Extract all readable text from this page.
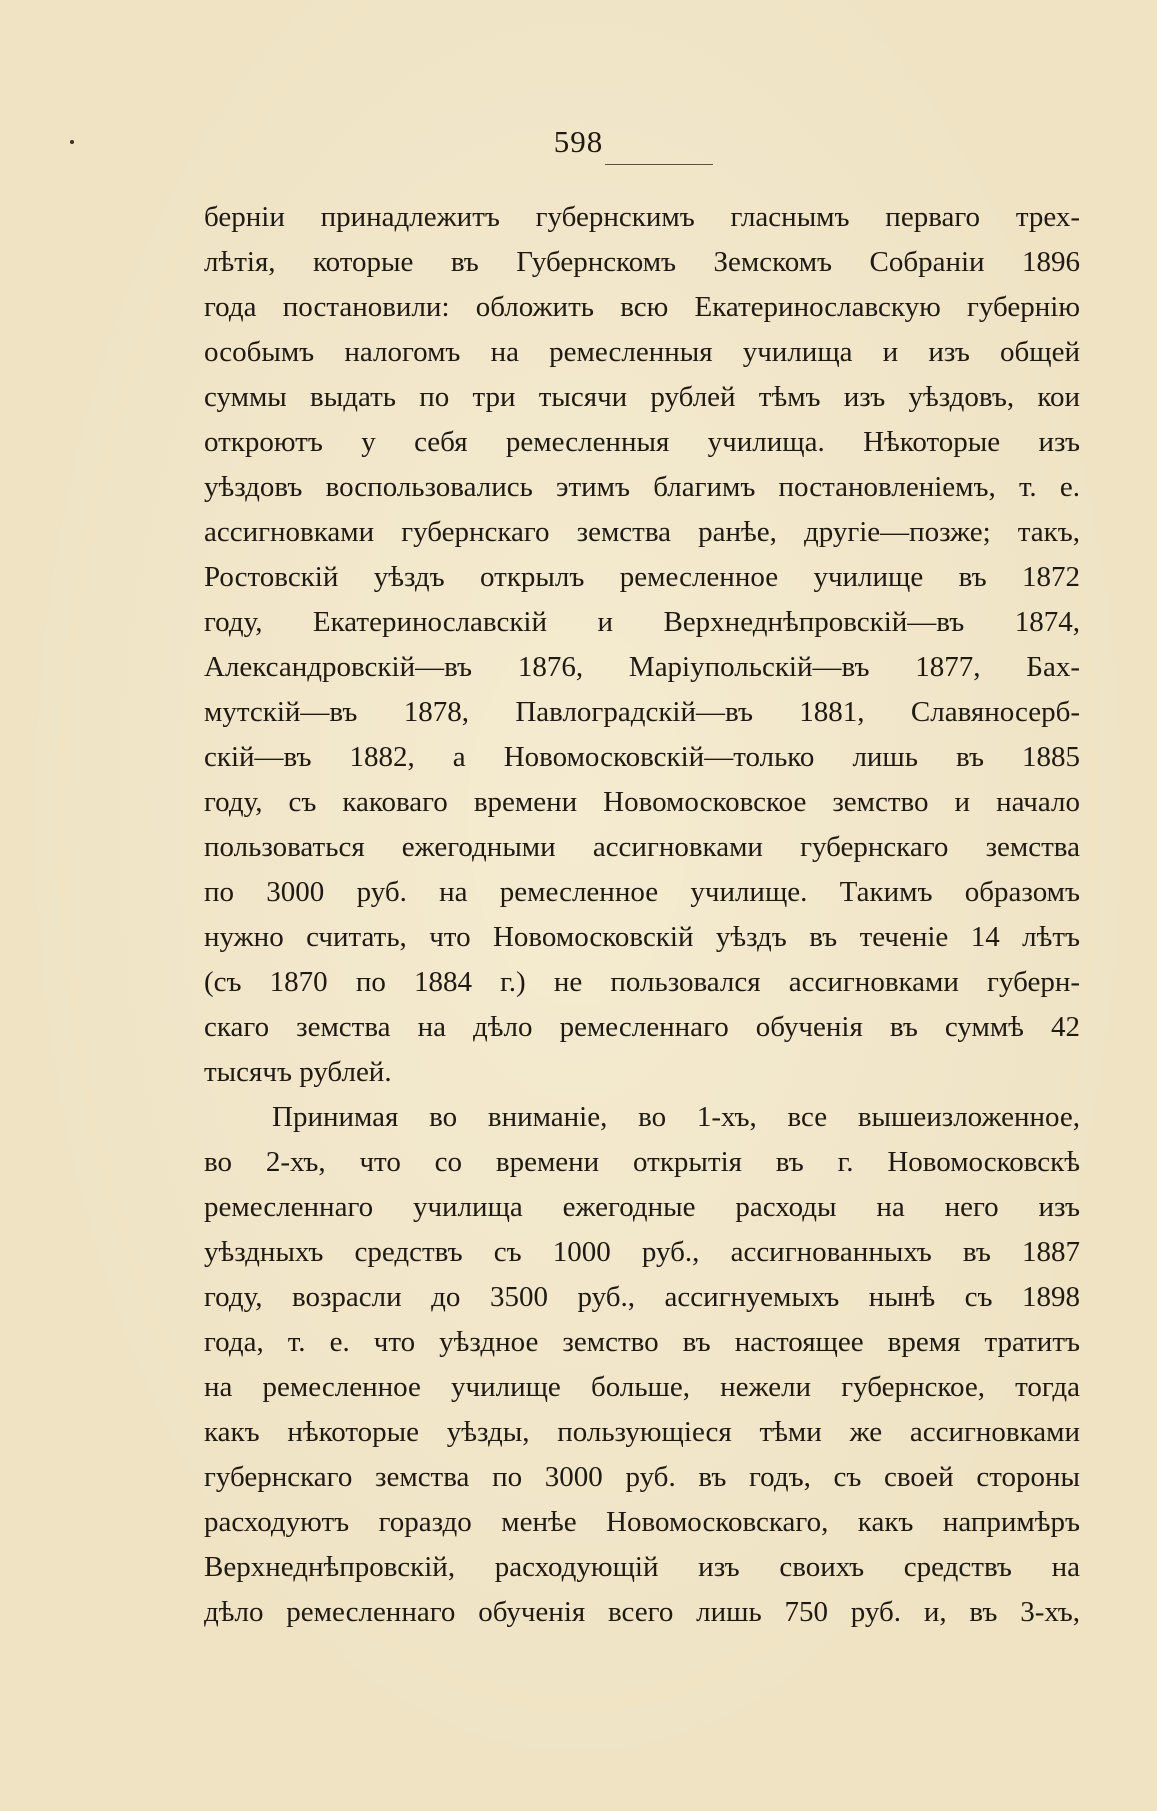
598
берніи принадлежитъ губернскимъ гласнымъ перваго трех-
лѣтія, которые въ Губернскомъ Земскомъ Собраніи 1896
года постановили: обложить всю Екатеринославскую губернію
особымъ налогомъ на ремесленныя училища и изъ общей
суммы выдать по три тысячи рублей тѣмъ изъ уѣздовъ, кои
откроютъ у себя ремесленныя училища. Нѣкоторые изъ
уѣздовъ воспользовались этимъ благимъ постановленіемъ, т. е.
ассигновками губернскаго земства ранѣе, другіе—позже; такъ,
Ростовскій уѣздъ открылъ ремесленное училище въ 1872
году, Екатеринославскій и Верхнеднѣпровскій—въ 1874,
Александровскій—въ 1876, Маріупольскій—въ 1877, Бах-
мутскій—въ 1878, Павлоградскій—въ 1881, Славяносерб-
скій—въ 1882, а Новомосковскій—только лишь въ 1885
году, съ каковаго времени Новомосковское земство и начало
пользоваться ежегодными ассигновками губернскаго земства
по 3000 руб. на ремесленное училище. Такимъ образомъ
нужно считать, что Новомосковскій уѣздъ въ теченіе 14 лѣтъ
(съ 1870 по 1884 г.) не пользовался ассигновками губерн-
скаго земства на дѣло ремесленнаго обученія въ суммѣ 42
тысячъ рублей.
Принимая во вниманіе, во 1-хъ, все вышеизложенное,
во 2-хъ, что со времени открытія въ г. Новомосковскѣ
ремесленнаго училища ежегодные расходы на него изъ
уѣздныхъ средствъ съ 1000 руб., ассигнованныхъ въ 1887
году, возрасли до 3500 руб., ассигнуемыхъ нынѣ съ 1898
года, т. е. что уѣздное земство въ настоящее время тратитъ
на ремесленное училище больше, нежели губернское, тогда
какъ нѣкоторые уѣзды, пользующіеся тѣми же ассигновками
губернскаго земства по 3000 руб. въ годъ, съ своей стороны
расходуютъ гораздо менѣе Новомосковскаго, какъ напримѣръ
Верхнеднѣпровскій, расходующій изъ своихъ средствъ на
дѣло ремесленнаго обученія всего лишь 750 руб. и, въ 3-хъ,
